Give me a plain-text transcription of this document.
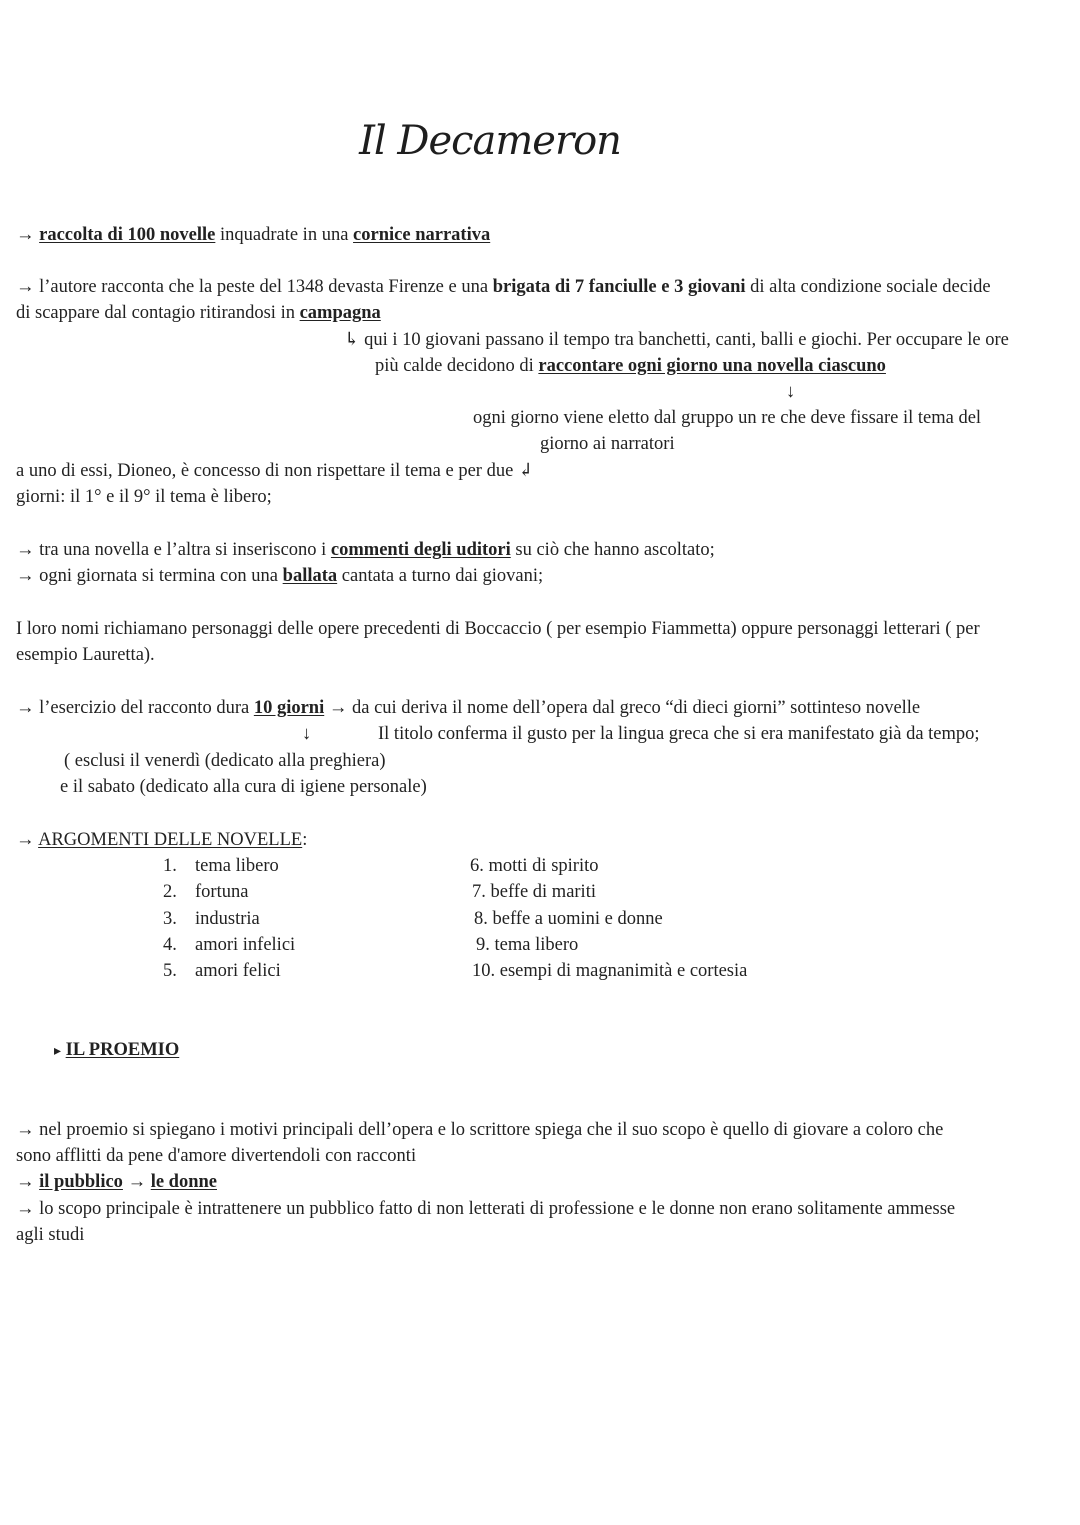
Il Decameron
→ raccolta di 100 novelle inquadrate in una cornice narrativa
→ l’autore racconta che la peste del 1348 devasta Firenze e una brigata di 7 fanciulle e 3 giovani di alta condizione sociale decide
di scappare dal contagio ritirandosi in campagna
↳ qui i 10 giovani passano il tempo tra banchetti, canti, balli e giochi. Per occupare le ore
più calde decidono di raccontare ogni giorno una novella ciascuno
↓
ogni giorno viene eletto dal gruppo un re che deve fissare il tema del
giorno ai narratori
a uno di essi, Dioneo, è concesso di non rispettare il tema e per due ↲
giorni: il 1° e il 9° il tema è libero;
→ tra una novella e l’altra si inseriscono i commenti degli uditori su ciò che hanno ascoltato;
→ ogni giornata si termina con una ballata cantata a turno dai giovani;
I loro nomi richiamano personaggi delle opere precedenti di Boccaccio ( per esempio Fiammetta) oppure personaggi letterari ( per
esempio Lauretta).
→ l’esercizio del racconto dura 10 giorni → da cui deriva il nome dell’opera dal greco “di dieci giorni” sottinteso novelle
↓	Il titolo conferma il gusto per la lingua greca che si era manifestato già da tempo;
( esclusi il venerdì (dedicato alla preghiera)
e il sabato (dedicato alla cura di igiene personale)
→ ARGOMENTI DELLE NOVELLE:
1. tema libero
2. fortuna
3. industria
4. amori infelici
5. amori felici
6. motti di spirito
7. beffe di mariti
8. beffe a uomini e donne
9. tema libero
10. esempi di magnanimità e cortesia
▸ IL PROEMIO
→ nel proemio si spiegano i motivi principali dell’opera e lo scrittore spiega che il suo scopo è quello di giovare a coloro che
sono afflitti da pene d'amore divertendoli con racconti
→ il pubblico → le donne
→ lo scopo principale è intrattenere un pubblico fatto di non letterati di professione e le donne non erano solitamente ammesse
agli studi
